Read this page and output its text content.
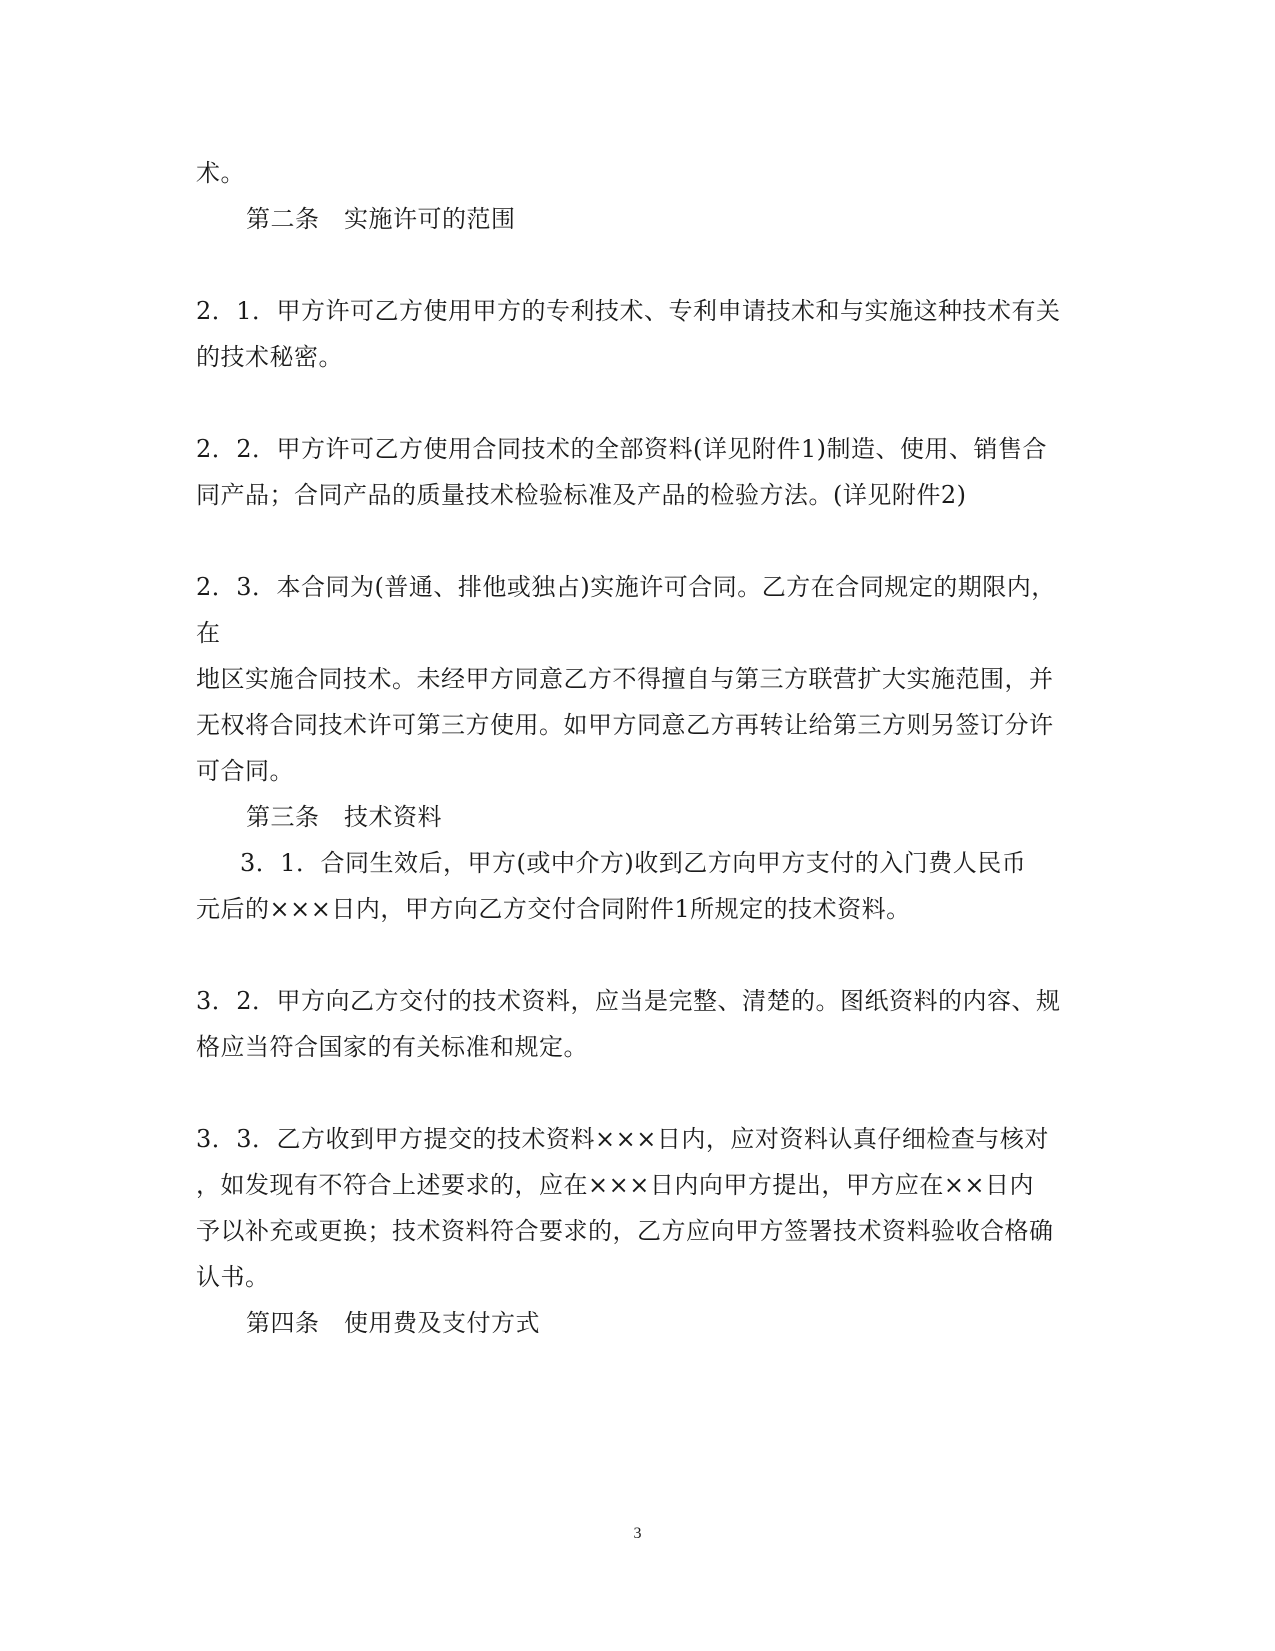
术。
第二条　实施许可的范围
2．1．甲方许可乙方使用甲方的专利技术、专利申请技术和与实施这种技术有关
的技术秘密。
2．2．甲方许可乙方使用合同技术的全部资料(详见附件1)制造、使用、销售合
同产品；合同产品的质量技术检验标准及产品的检验方法。(详见附件2)
2．3．本合同为(普通、排他或独占)实施许可合同。乙方在合同规定的期限内，
在
地区实施合同技术。未经甲方同意乙方不得擅自与第三方联营扩大实施范围，并
无权将合同技术许可第三方使用。如甲方同意乙方再转让给第三方则另签订分许
可合同。
第三条　技术资料
3．1．合同生效后，甲方(或中介方)收到乙方向甲方支付的入门费人民币
元后的×××日内，甲方向乙方交付合同附件1所规定的技术资料。
3．2．甲方向乙方交付的技术资料，应当是完整、清楚的。图纸资料的内容、规
格应当符合国家的有关标准和规定。
3．3．乙方收到甲方提交的技术资料×××日内，应对资料认真仔细检查与核对
，如发现有不符合上述要求的，应在×××日内向甲方提出，甲方应在××日内
予以补充或更换；技术资料符合要求的，乙方应向甲方签署技术资料验收合格确
认书。
第四条　使用费及支付方式
3
